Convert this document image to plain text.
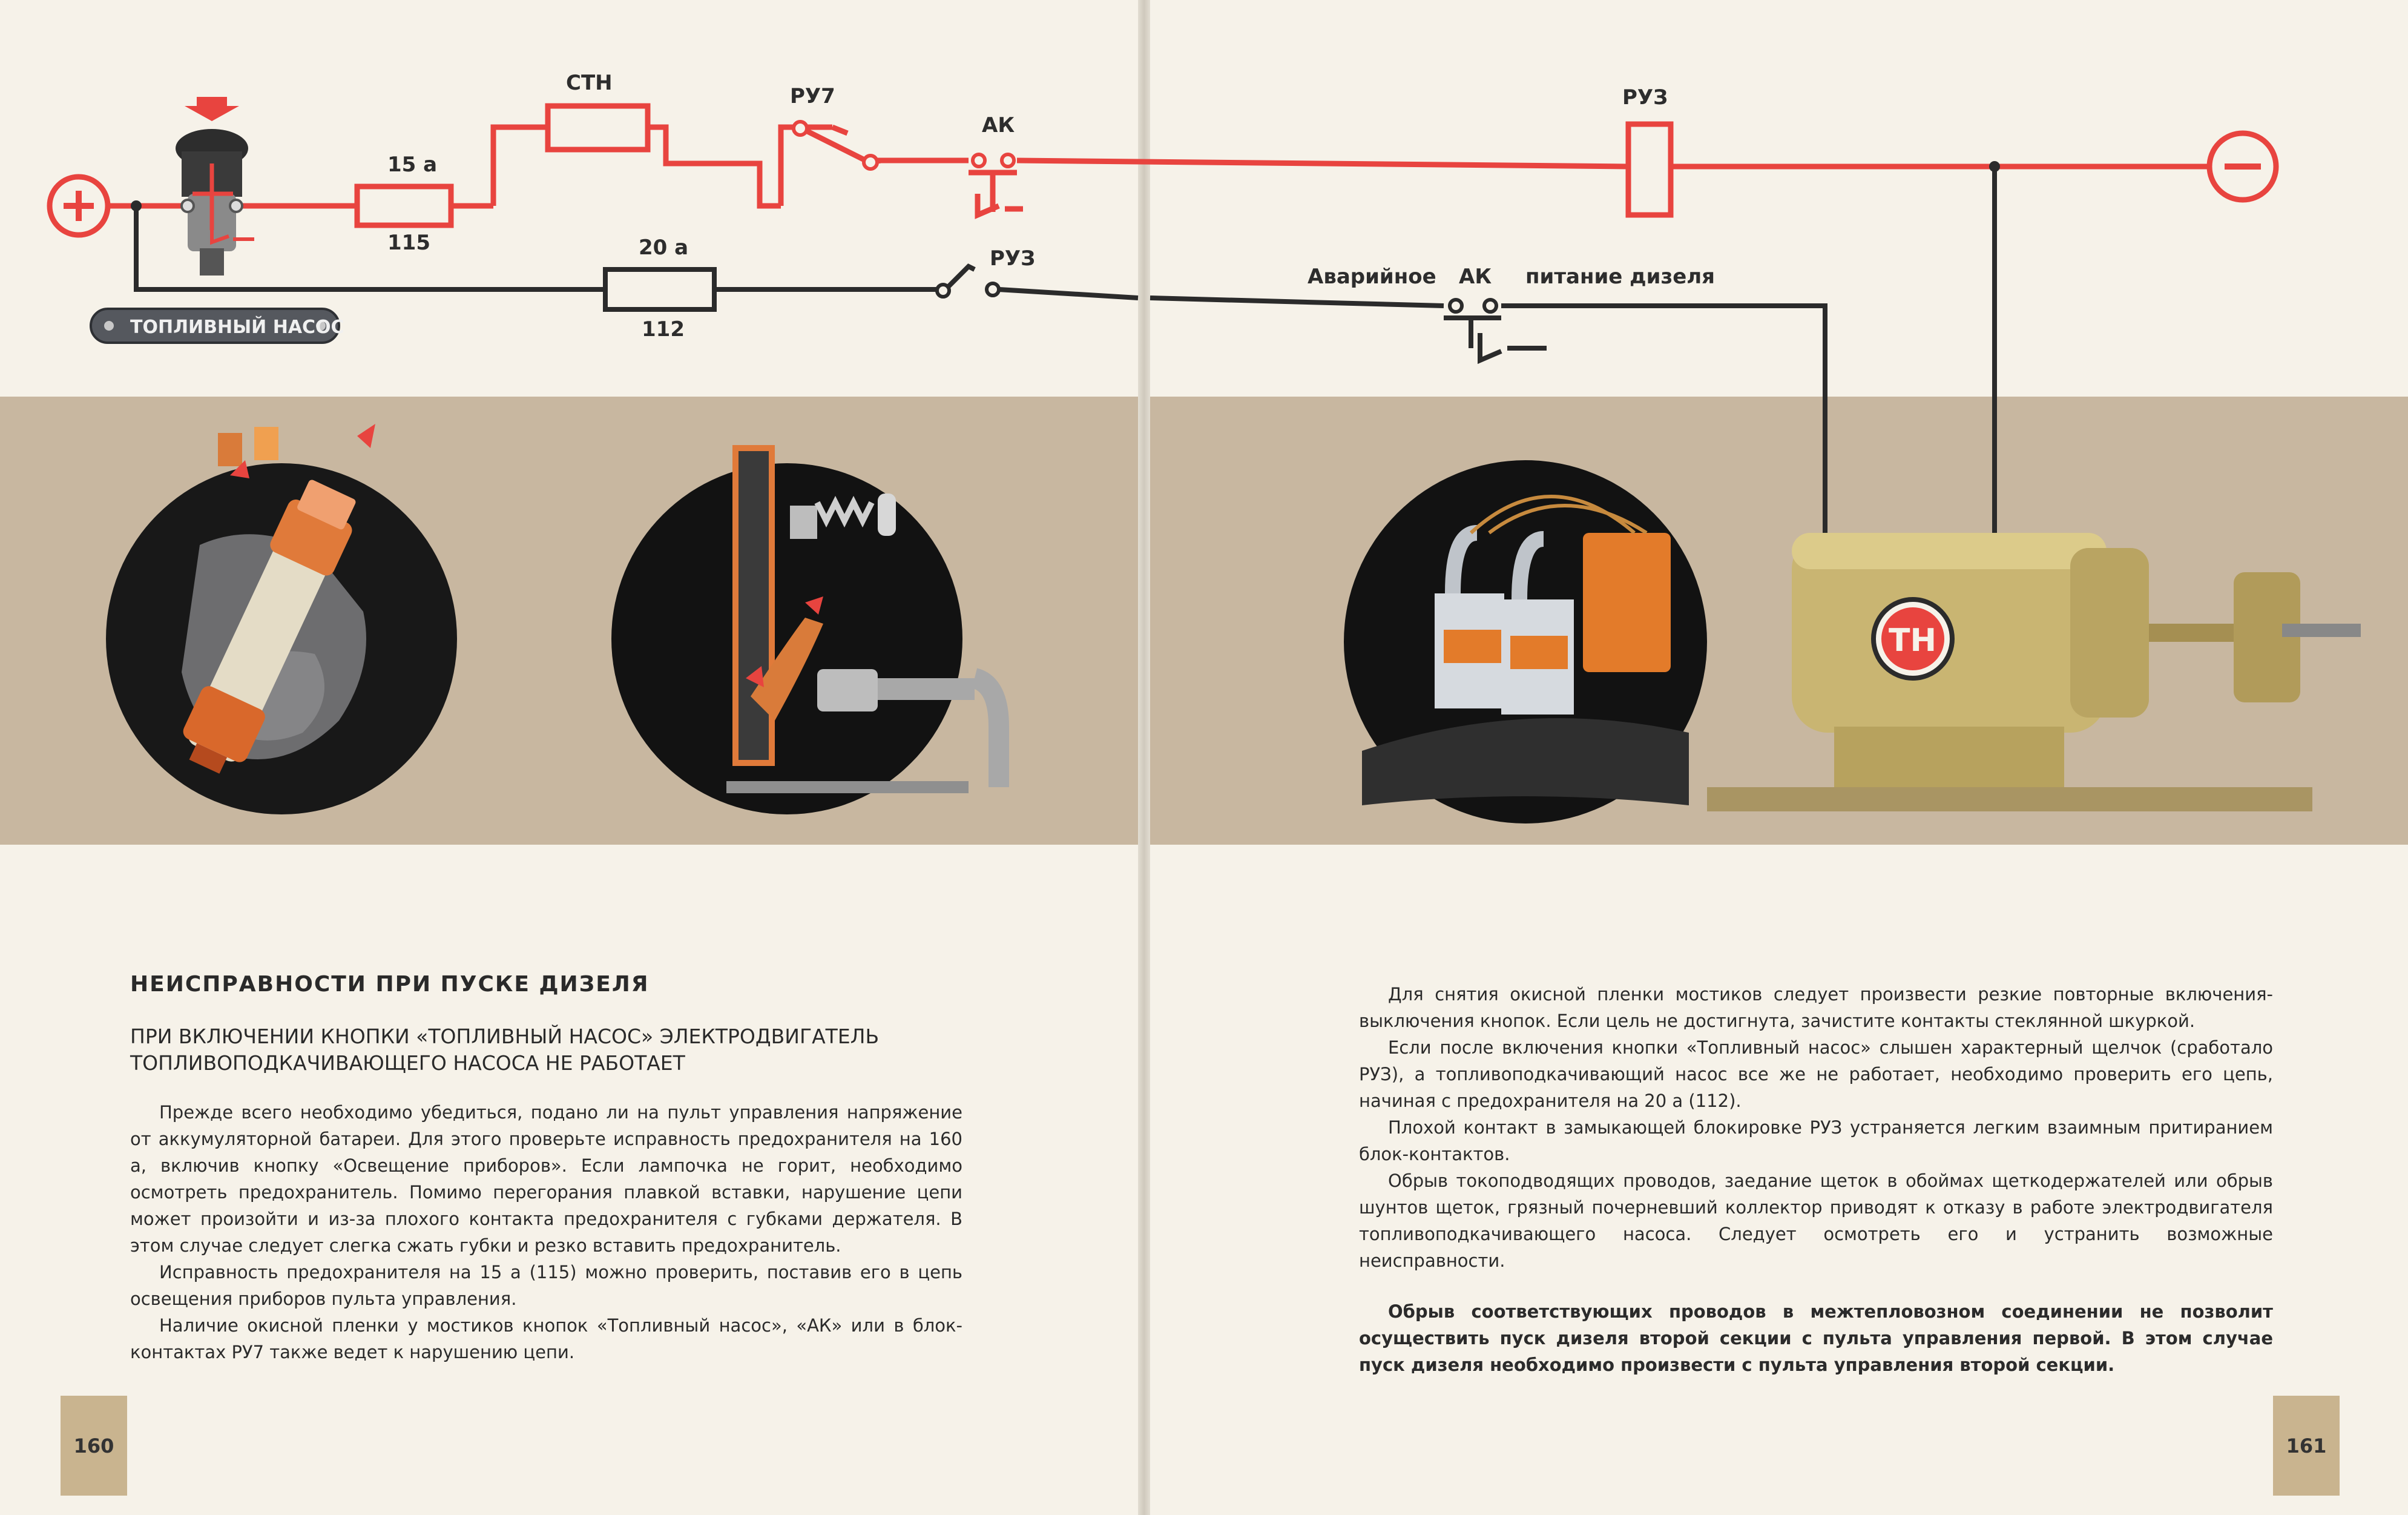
СТН
РУ7
АК
15 а
115
РУЗ
ТОПЛИВНЫЙ НАСОС
20 а
112
РУЗ
Аварийное АК питание дизеля
ТН
НЕИСПРАВНОСТИ ПРИ ПУСКЕ ДИЗЕЛЯ
ПРИ ВКЛЮЧЕНИИ КНОПКИ «ТОПЛИВНЫЙ НАСОС» ЭЛЕКТРОДВИГАТЕЛЬ ТОПЛИВОПОДКАЧИВАЮЩЕГО НАСОСА НЕ РАБОТАЕТ

Прежде всего необходимо убедиться, подано ли на пульт управления напряжение от аккумуляторной батареи. Для этого проверьте исправность предохранителя на 160 а, включив кнопку «Освещение приборов». Если лампочка не горит, необходимо осмотреть предохранитель. Помимо перегорания плавкой вставки, нарушение цепи может произойти и из-за плохого контакта предохранителя с губками держателя. В этом случае следует слегка сжать губки и резко вставить предохранитель.

Исправность предохранителя на 15 а (115) можно проверить, поставив его в цепь освещения приборов пульта управления.

Наличие окисной пленки у мостиков кнопок «Топливный насос», «АК» или в блок-контактах РУ7 также ведет к нарушению цепи.

160

Для снятия окисной пленки мостиков следует произвести резкие повторные включения-выключения кнопок. Если цель не достигнута, зачистите контакты стеклянной шкуркой.

Если после включения кнопки «Топливный насос» слышен характерный щелчок (сработало РУЗ), а топливоподкачивающий насос все же не работает, необходимо проверить его цепь, начиная с предохранителя на 20 а (112).

Плохой контакт в замыкающей блокировке РУЗ устраняется легким взаимным притиранием блок-контактов.

Обрыв токоподводящих проводов, заедание щеток в обоймах щеткодержателей или обрыв шунтов щеток, грязный почерневший коллектор приводят к отказу в работе электродвигателя топливоподкачивающего насоса. Следует осмотреть его и устранить возможные неисправности.

Обрыв соответствующих проводов в межтепловозном соединении не позволит осуществить пуск дизеля второй секции с пульта управления первой. В этом случае пуск дизеля необходимо произвести с пульта управления второй секции.

161
